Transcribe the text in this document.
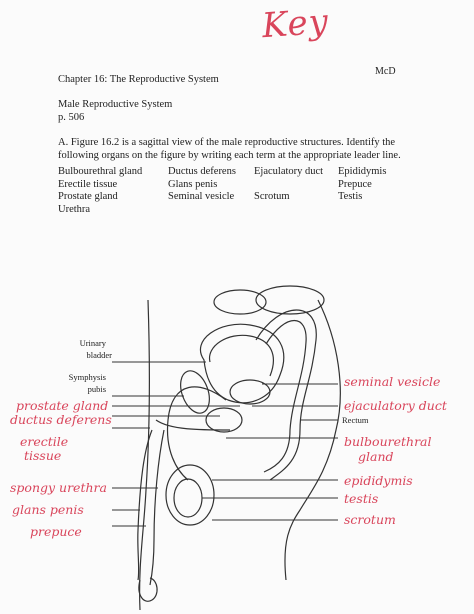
Key
McD
Chapter 16: The Reproductive System
Male Reproductive System
p. 506
A. Figure 16.2 is a sagittal view of the male reproductive structures. Identify the following organs on the figure by writing each term at the appropriate leader line.
Bulbourethral gland
Erectile tissue
Prostate gland
Urethra
Ductus deferens
Glans penis
Seminal vesicle
Ejaculatory duct

Scrotum
Epididymis
Prepuce
Testis
Urinary
bladder
Symphysis
pubis
Rectum
prostate gland
ductus deferens
erectile
tissue
spongy urethra
glans penis
prepuce
seminal vesicle
ejaculatory duct
bulbourethral
gland
epididymis
testis
scrotum
